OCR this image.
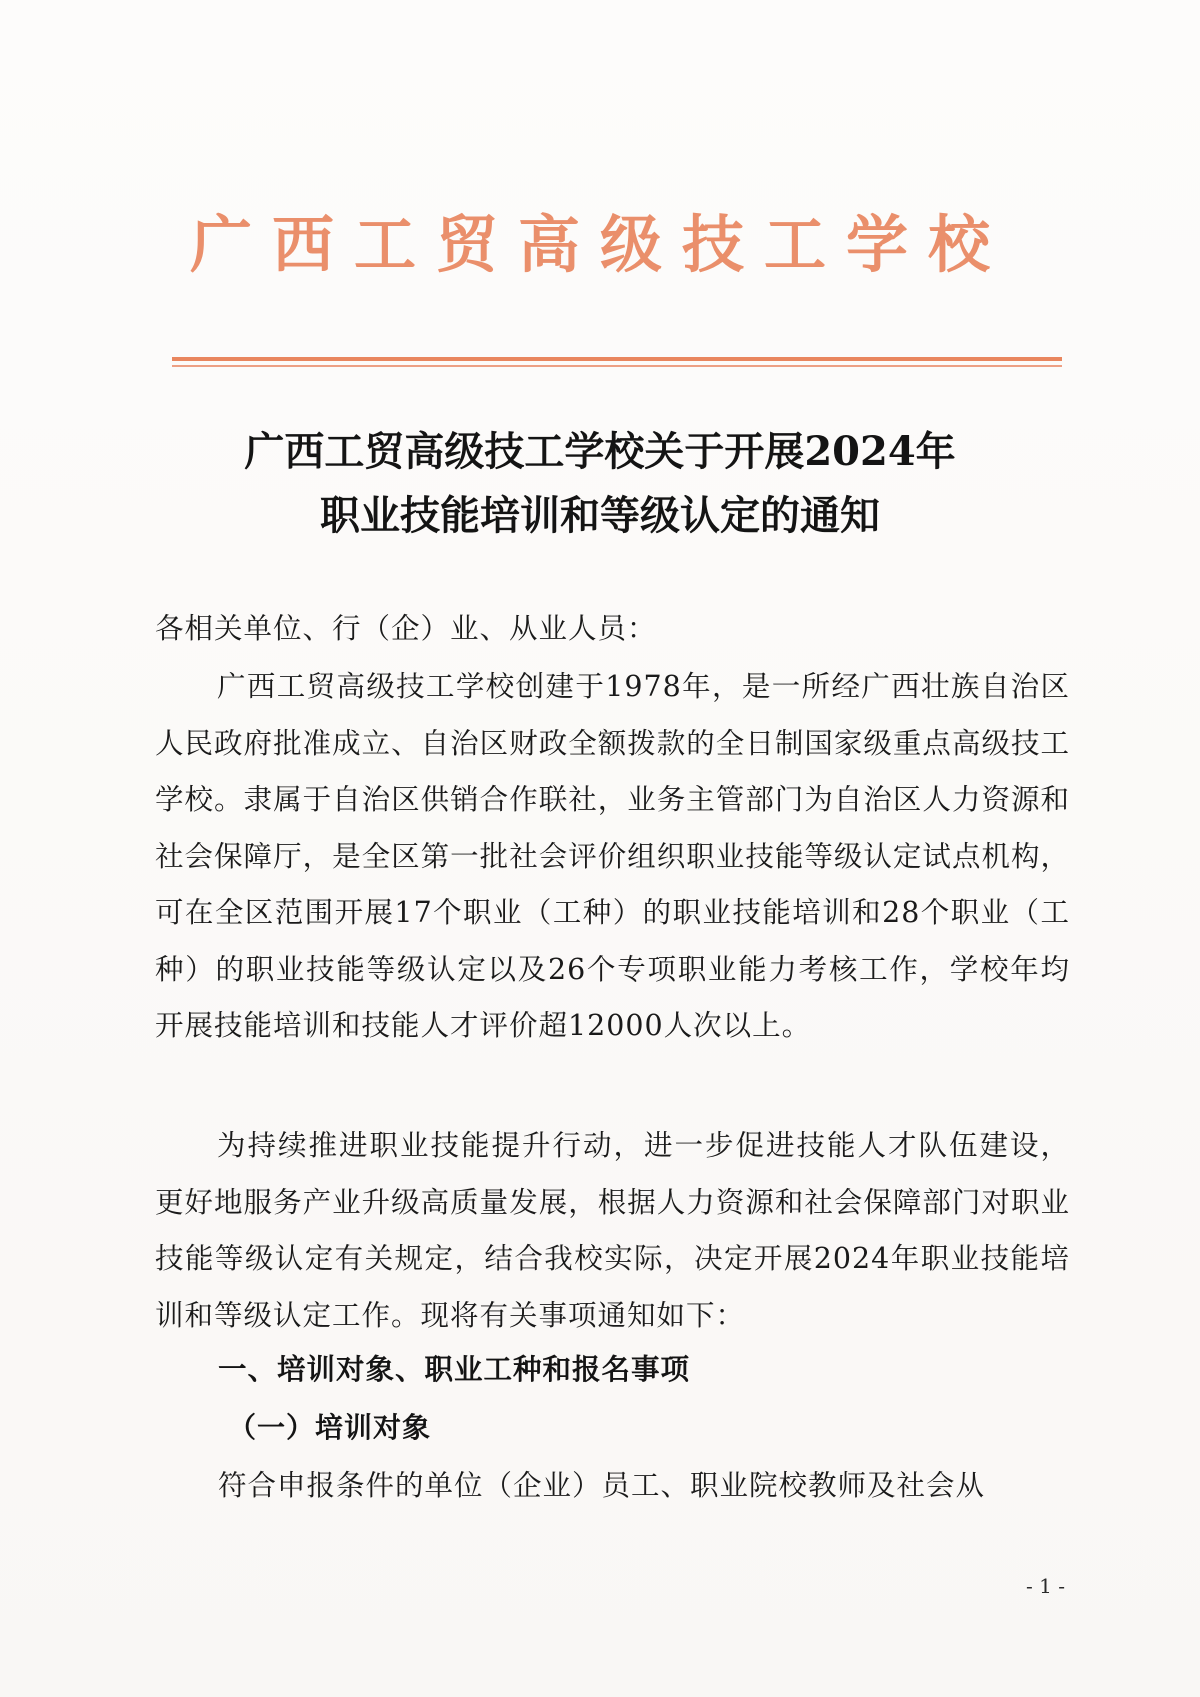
广西工贸高级技工学校
广西工贸高级技工学校关于开展2024年
职业技能培训和等级认定的通知
各相关单位、行（企）业、从业人员：
广西工贸高级技工学校创建于1978年，是一所经广西壮族自治区人民政府批准成立、自治区财政全额拨款的全日制国家级重点高级技工学校。隶属于自治区供销合作联社，业务主管部门为自治区人力资源和社会保障厅，是全区第一批社会评价组织职业技能等级认定试点机构，可在全区范围开展17个职业（工种）的职业技能培训和28个职业（工种）的职业技能等级认定以及26个专项职业能力考核工作，学校年均开展技能培训和技能人才评价超12000人次以上。
为持续推进职业技能提升行动，进一步促进技能人才队伍建设，更好地服务产业升级高质量发展，根据人力资源和社会保障部门对职业技能等级认定有关规定，结合我校实际，决定开展2024年职业技能培训和等级认定工作。现将有关事项通知如下：
一、培训对象、职业工种和报名事项
（一）培训对象
符合申报条件的单位（企业）员工、职业院校教师及社会从
- 1 -
